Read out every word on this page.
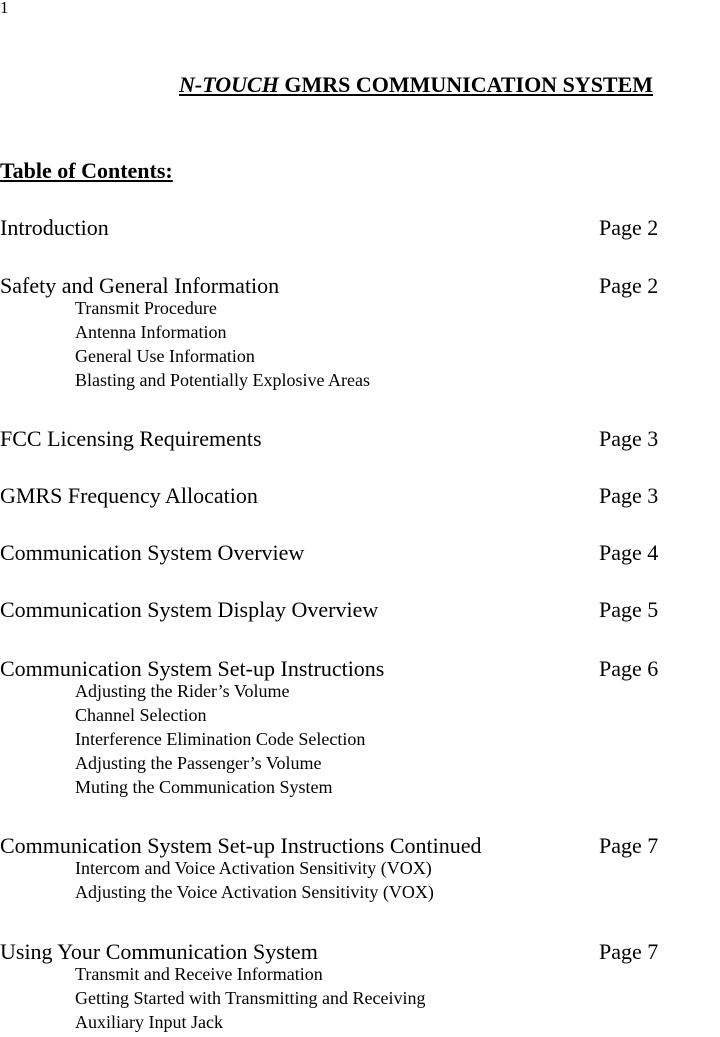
1
N-TOUCH GMRS COMMUNICATION SYSTEM
Table of Contents:
Introduction	Page 2
Safety and General Information	Page 2
Transmit Procedure
Antenna Information
General Use Information
Blasting and Potentially Explosive Areas
FCC Licensing Requirements	Page 3
GMRS Frequency Allocation	Page 3
Communication System Overview	Page 4
Communication System Display Overview	Page 5
Communication System Set-up Instructions	Page 6
Adjusting the Rider’s Volume
Channel Selection
Interference Elimination Code Selection
Adjusting the Passenger’s Volume
Muting the Communication System
Communication System Set-up Instructions Continued	Page 7
Intercom and Voice Activation Sensitivity (VOX)
Adjusting the Voice Activation Sensitivity (VOX)
Using Your Communication System	Page 7
Transmit and Receive Information
Getting Started with Transmitting and Receiving
Auxiliary Input Jack
